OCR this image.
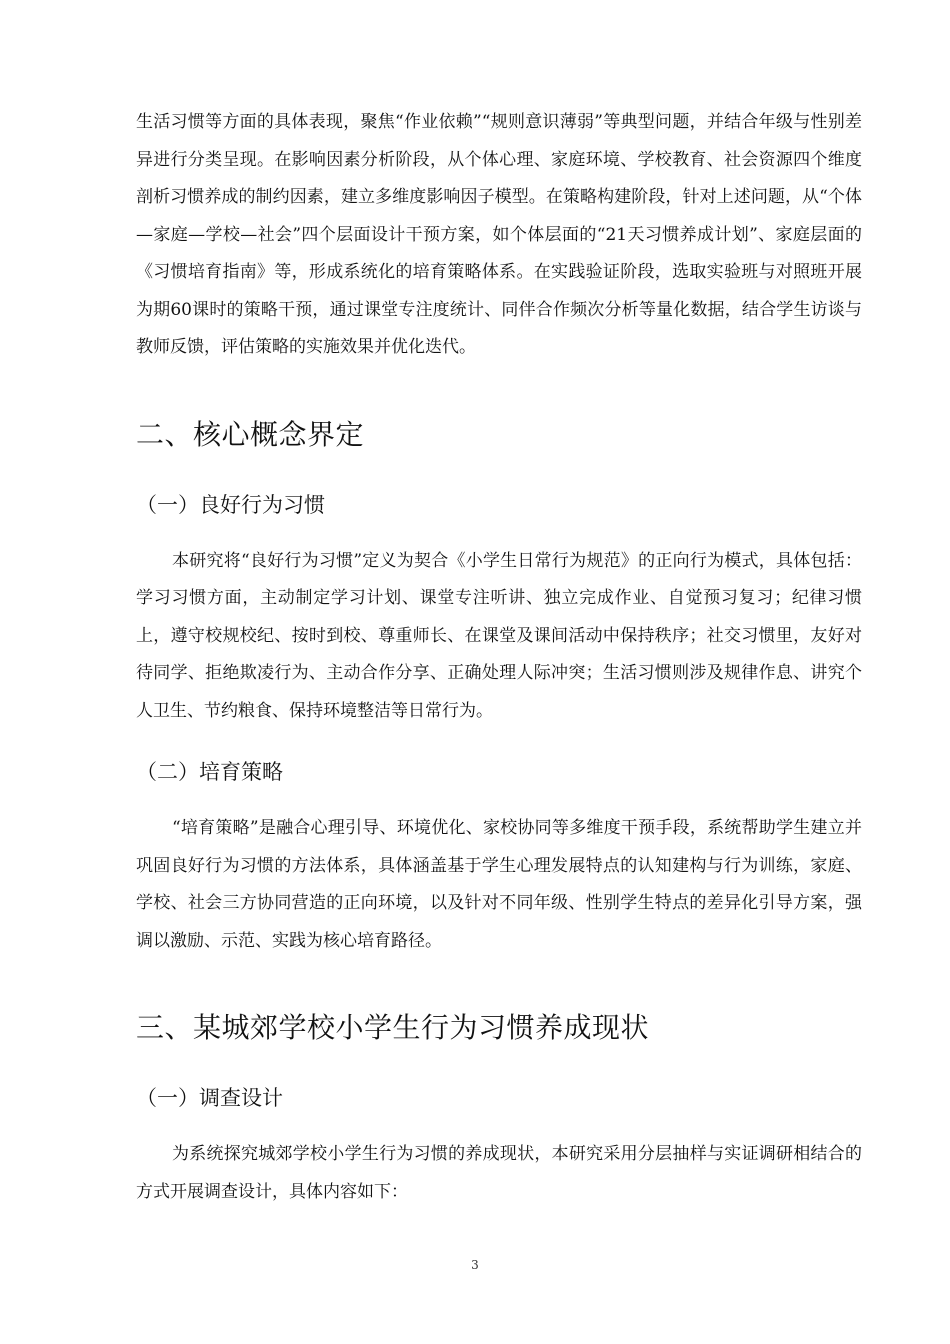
生活习惯等方面的具体表现，聚焦“作业依赖”“规则意识薄弱”等典型问题，并结合年级与性别差异进行分类呈现。在影响因素分析阶段，从个体心理、家庭环境、学校教育、社会资源四个维度剖析习惯养成的制约因素，建立多维度影响因子模型。在策略构建阶段，针对上述问题，从“个体—家庭—学校—社会”四个层面设计干预方案，如个体层面的“21天习惯养成计划”、家庭层面的《习惯培育指南》等，形成系统化的培育策略体系。在实践验证阶段，选取实验班与对照班开展为期60课时的策略干预，通过课堂专注度统计、同伴合作频次分析等量化数据，结合学生访谈与教师反馈，评估策略的实施效果并优化迭代。

二、核心概念界定
（一）良好行为习惯

本研究将“良好行为习惯”定义为契合《小学生日常行为规范》的正向行为模式，具体包括：学习习惯方面，主动制定学习计划、课堂专注听讲、独立完成作业、自觉预习复习；纪律习惯上，遵守校规校纪、按时到校、尊重师长、在课堂及课间活动中保持秩序；社交习惯里，友好对待同学、拒绝欺凌行为、主动合作分享、正确处理人际冲突；生活习惯则涉及规律作息、讲究个人卫生、节约粮食、保持环境整洁等日常行为。

（二）培育策略

“培育策略”是融合心理引导、环境优化、家校协同等多维度干预手段，系统帮助学生建立并巩固良好行为习惯的方法体系，具体涵盖基于学生心理发展特点的认知建构与行为训练，家庭、学校、社会三方协同营造的正向环境，以及针对不同年级、性别学生特点的差异化引导方案，强调以激励、示范、实践为核心培育路径。

三、某城郊学校小学生行为习惯养成现状
（一）调查设计

为系统探究城郊学校小学生行为习惯的养成现状，本研究采用分层抽样与实证调研相结合的方式开展调查设计，具体内容如下：

3
